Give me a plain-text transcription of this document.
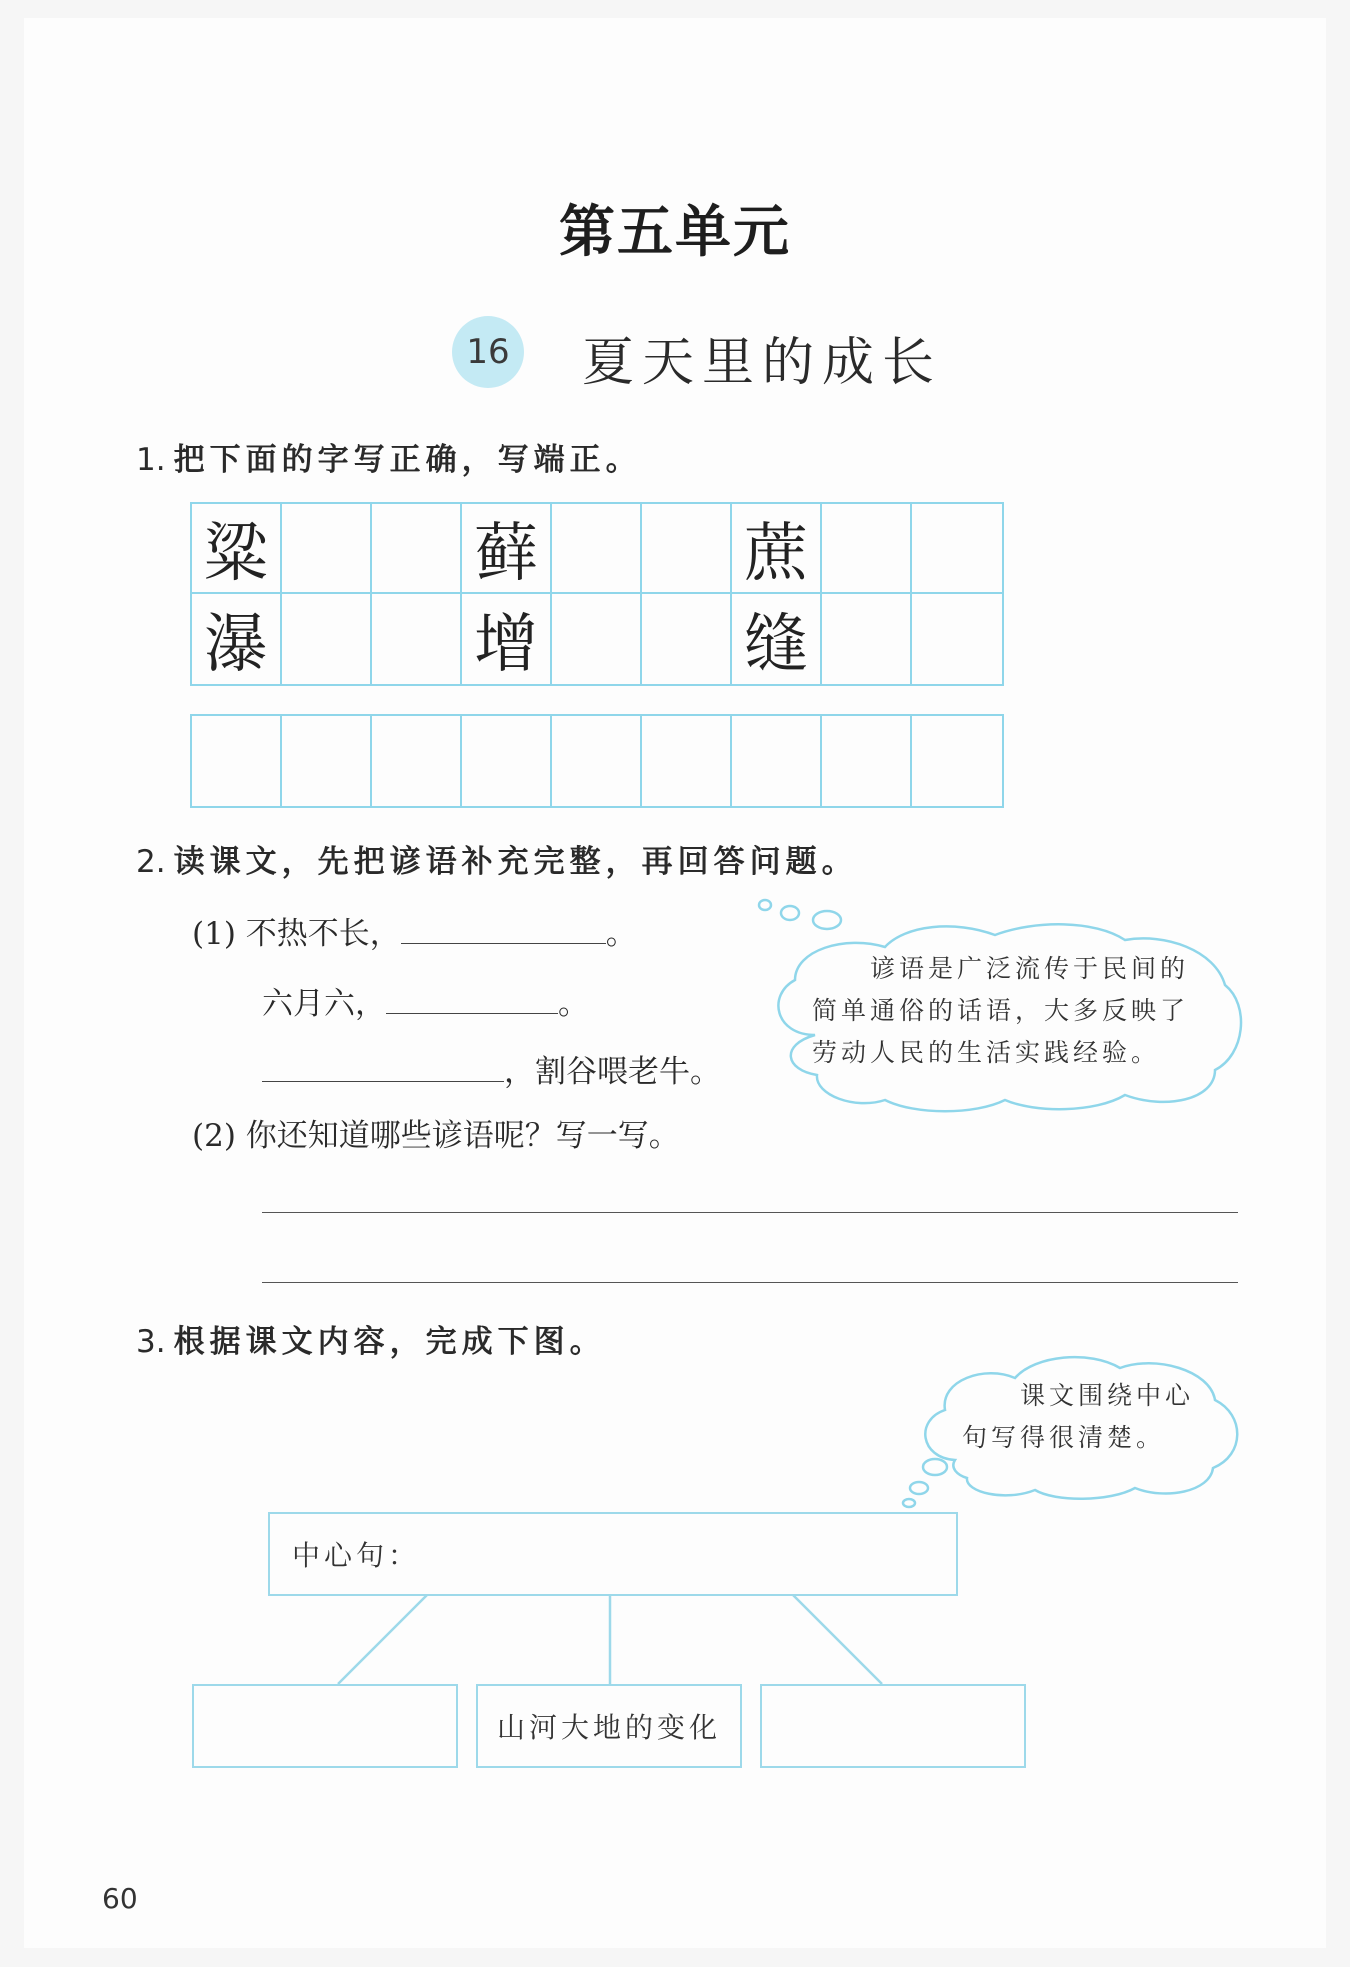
第五单元
16 夏天里的成长
1. 把下面的字写正确，写端正。
粱	藓	蔗
瀑	增	缝
2. 读课文，先把谚语补充完整，再回答问题。
(1) 不热不长，	。
六月六，	。
，割谷喂老牛。
(2) 你还知道哪些谚语呢？写一写。
谚语是广泛流传于民间的
简单通俗的话语，大多反映了
劳动人民的生活实践经验。
3. 根据课文内容，完成下图。
课文围绕中心
句写得很清楚。
中心句：
山河大地的变化
60
